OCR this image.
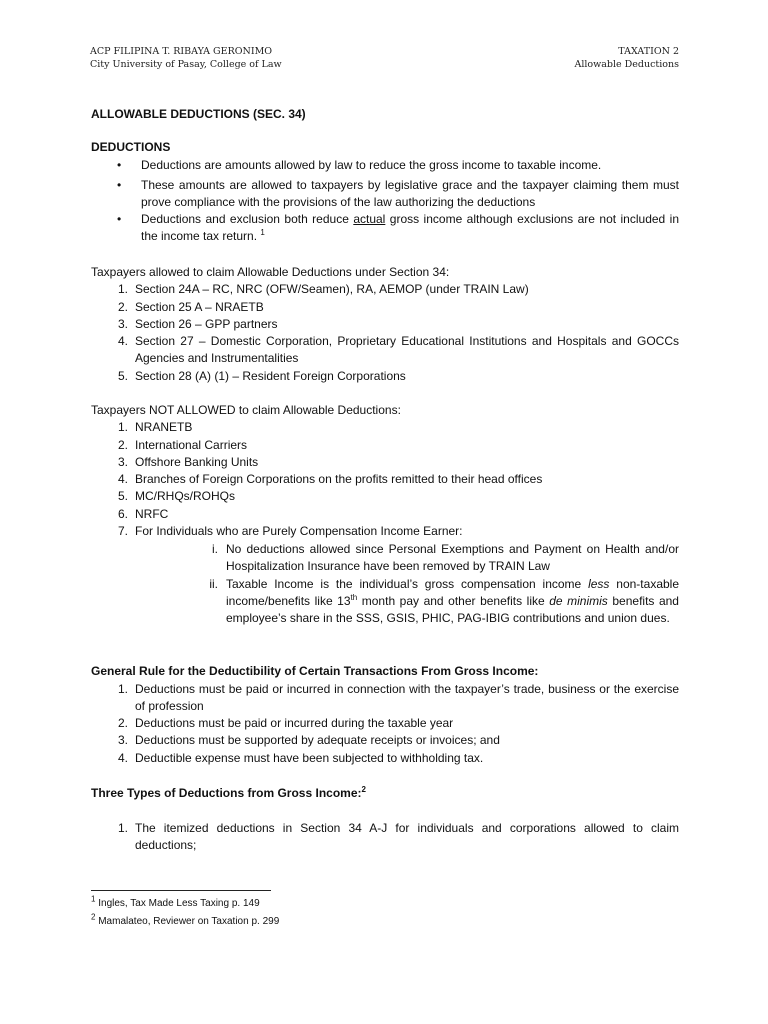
ACP FILIPINA T. RIBAYA GERONIMO
City University of Pasay, College of Law
TAXATION 2
Allowable Deductions
ALLOWABLE DEDUCTIONS (SEC. 34)
DEDUCTIONS
•	Deductions are amounts allowed by law to reduce the gross income to taxable income.
•	These amounts are allowed to taxpayers by legislative grace and the taxpayer claiming them must prove compliance with the provisions of the law authorizing the deductions
•	Deductions and exclusion both reduce actual gross income although exclusions are not included in the income tax return. $^1$
Taxpayers allowed to claim Allowable Deductions under Section 34:
1. Section 24A – RC, NRC (OFW/Seamen), RA, AEMOP (under TRAIN Law)
2. Section 25 A – NRAETB
3. Section 26 – GPP partners
4. Section 27 – Domestic Corporation, Proprietary Educational Institutions and Hospitals and GOCCs Agencies and Instrumentalities
5. Section 28 (A) (1) – Resident Foreign Corporations
Taxpayers NOT ALLOWED to claim Allowable Deductions:
1. NRANETB
2. International Carriers
3. Offshore Banking Units
4. Branches of Foreign Corporations on the profits remitted to their head offices
5. MC/RHQs/ROHQs
6. NRFC
7. For Individuals who are Purely Compensation Income Earner:
i. No deductions allowed since Personal Exemptions and Payment on Health and/or Hospitalization Insurance have been removed by TRAIN Law
ii. Taxable Income is the individual’s gross compensation income less non-taxable income/benefits like 13th month pay and other benefits like de minimis benefits and employee’s share in the SSS, GSIS, PHIC, PAG-IBIG contributions and union dues.
General Rule for the Deductibility of Certain Transactions From Gross Income:
1. Deductions must be paid or incurred in connection with the taxpayer’s trade, business or the exercise of profession
2. Deductions must be paid or incurred during the taxable year
3. Deductions must be supported by adequate receipts or invoices; and
4. Deductible expense must have been subjected to withholding tax.
Three Types of Deductions from Gross Income:$^2$
1. The itemized deductions in Section 34 A-J for individuals and corporations allowed to claim deductions;
$^1$ Ingles, Tax Made Less Taxing p. 149
$^2$ Mamalateo, Reviewer on Taxation p. 299
